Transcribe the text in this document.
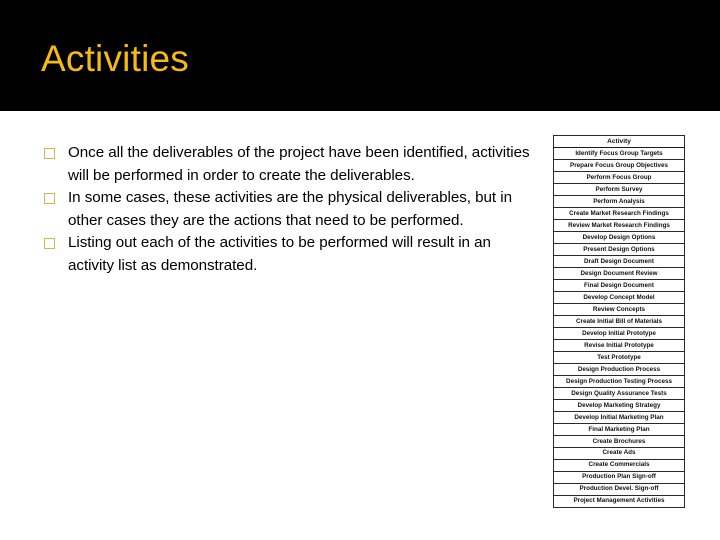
Activities
Once all the deliverables of the project have been identified, activities will be performed in order to create the deliverables.
In some cases, these activities are the physical deliverables, but in other cases they are the actions that need to be performed.
Listing out each of the activities to be performed will result in an activity list as demonstrated.
Activity
Identify Focus Group Targets
Prepare Focus Group Objectives
Perform Focus Group
Perform Survey
Perform Analysis
Create Market Research Findings
Review Market Research Findings
Develop Design Options
Present Design Options
Draft Design Document
Design Document Review
Final Design Document
Develop Concept Model
Review Concepts
Create Initial Bill of Materials
Develop Initial Prototype
Revise Initial Prototype
Test Prototype
Design Production Process
Design Production Testing Process
Design Quality Assurance Tests
Develop Marketing Strategy
Develop Initial Marketing Plan
Final Marketing Plan
Create Brochures
Create Ads
Create Commercials
Production Plan Sign-off
Production Devel. Sign-off
Project Management Activities
